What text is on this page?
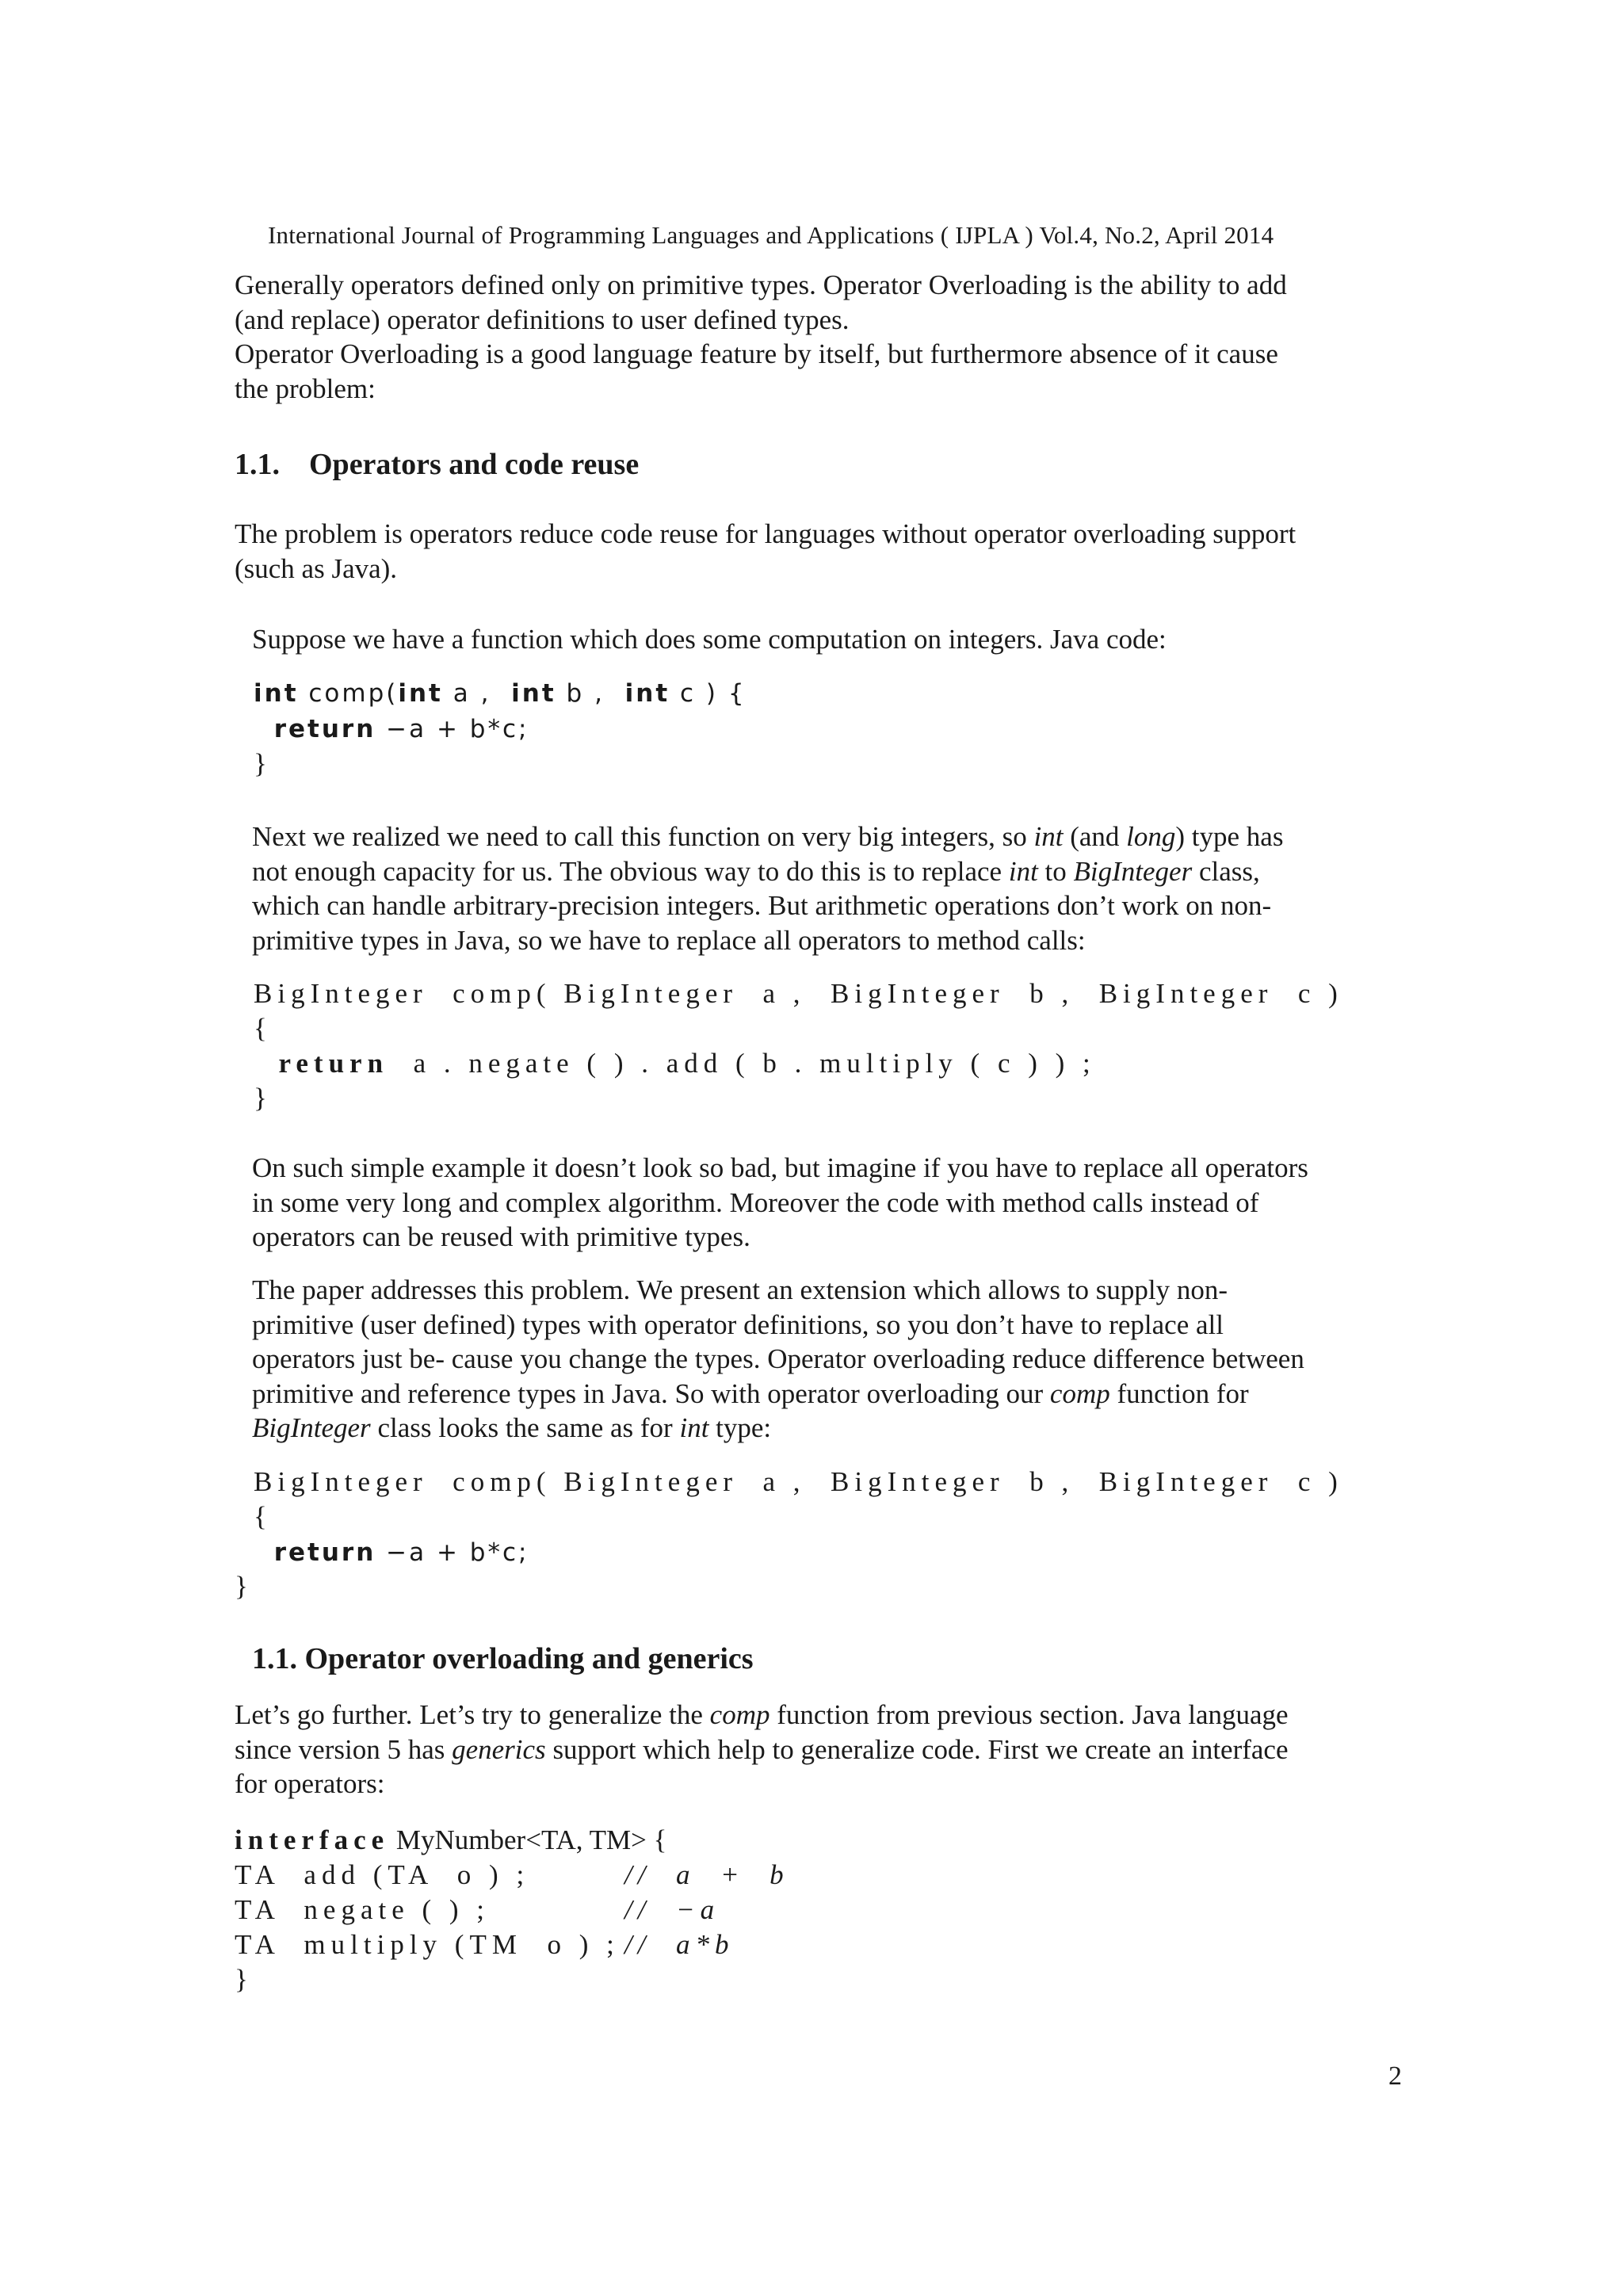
International Journal of Programming Languages and Applications ( IJPLA ) Vol.4, No.2, April 2014
Generally operators defined only on primitive types. Operator Overloading is the ability to add
(and replace) operator definitions to user defined types.
Operator Overloading is a good language feature by itself, but furthermore absence of it cause
the problem:
1.1. Operators and code reuse
The problem is operators reduce code reuse for languages without operator overloading support
(such as Java).
Suppose we have a function which does some computation on integers. Java code:
int comp(int a , int b , int c ) {
return −a + b*c;
}
Next we realized we need to call this function on very big integers, so int (and long) type has
not enough capacity for us. The obvious way to do this is to replace int to BigInteger class,
which can handle arbitrary-precision integers. But arithmetic operations don’t work on non-
primitive types in Java, so we have to replace all operators to method calls:
BigInteger  comp( BigInteger  a ,  BigInteger  b ,  BigInteger  c )
{
return a . negate ( ) . add ( b . multiply ( c ) ) ;
}
On such simple example it doesn’t look so bad, but imagine if you have to replace all operators
in some very long and complex algorithm. Moreover the code with method calls instead of
operators can be reused with primitive types.
The paper addresses this problem. We present an extension which allows to supply non-
primitive (user defined) types with operator definitions, so you don’t have to replace all
operators just be- cause you change the types. Operator overloading reduce difference between
primitive and reference types in Java. So with operator overloading our comp function for
BigInteger class looks the same as for int type:
BigInteger  comp( BigInteger  a ,  BigInteger  b ,  BigInteger  c )
{
return −a + b*c;
}
1.1. Operator overloading and generics
Let’s go further. Let’s try to generalize the comp function from previous section. Java language
since version 5 has generics support which help to generalize code. First we create an interface
for operators:
interface MyNumber<TA, TM> {
TA  add (TA  o ) ;	//  a  +  b
TA  negate ( ) ;	//  −a
TA  multiply (TM  o ) ; //  a*b
}
2
